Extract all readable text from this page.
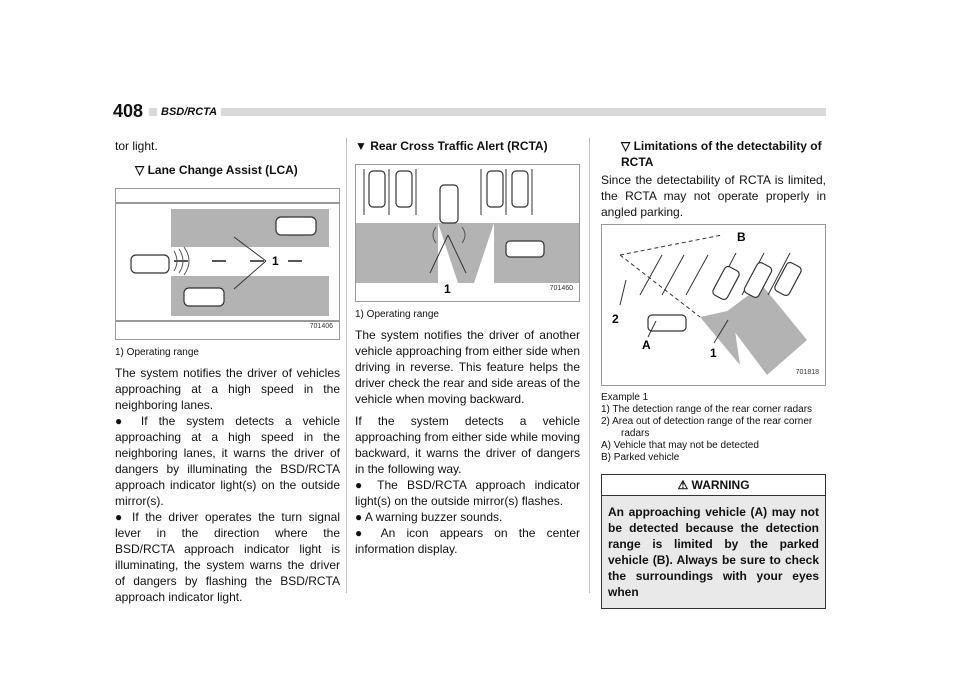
408	BSD/RCTA

tor light.

▽ Lane Change Assist (LCA)

1
701406

1) Operating range

The system notifies the driver of vehicles approaching at a high speed in the neighboring lanes.

● If the system detects a vehicle approaching at a high speed in the neighboring lanes, it warns the driver of dangers by illuminating the BSD/RCTA approach indicator light(s) on the outside mirror(s).

● If the driver operates the turn signal lever in the direction where the BSD/RCTA approach indicator light is illuminating, the system warns the driver of dangers by flashing the BSD/RCTA approach indicator light.

▼ Rear Cross Traffic Alert (RCTA)

1	701460

1) Operating range

The system notifies the driver of another vehicle approaching from either side when driving in reverse. This feature helps the driver check the rear and side areas of the vehicle when moving backward.

If the system detects a vehicle approaching from either side while moving backward, it warns the driver of dangers in the following way.

● The BSD/RCTA approach indicator light(s) on the outside mirror(s) flashes.

● A warning buzzer sounds.

● An icon appears on the center information display.

▽ Limitations of the detectability of RCTA

Since the detectability of RCTA is limited, the RCTA may not operate properly in angled parking.

B
2
A
1
701818

Example 1

1) The detection range of the rear corner radars

2) Area out of detection range of the rear corner radars

A) Vehicle that may not be detected

B) Parked vehicle

⚠ WARNING
An approaching vehicle (A) may not be detected because the detection range is limited by the parked vehicle (B). Always be sure to check the surroundings with your eyes when
